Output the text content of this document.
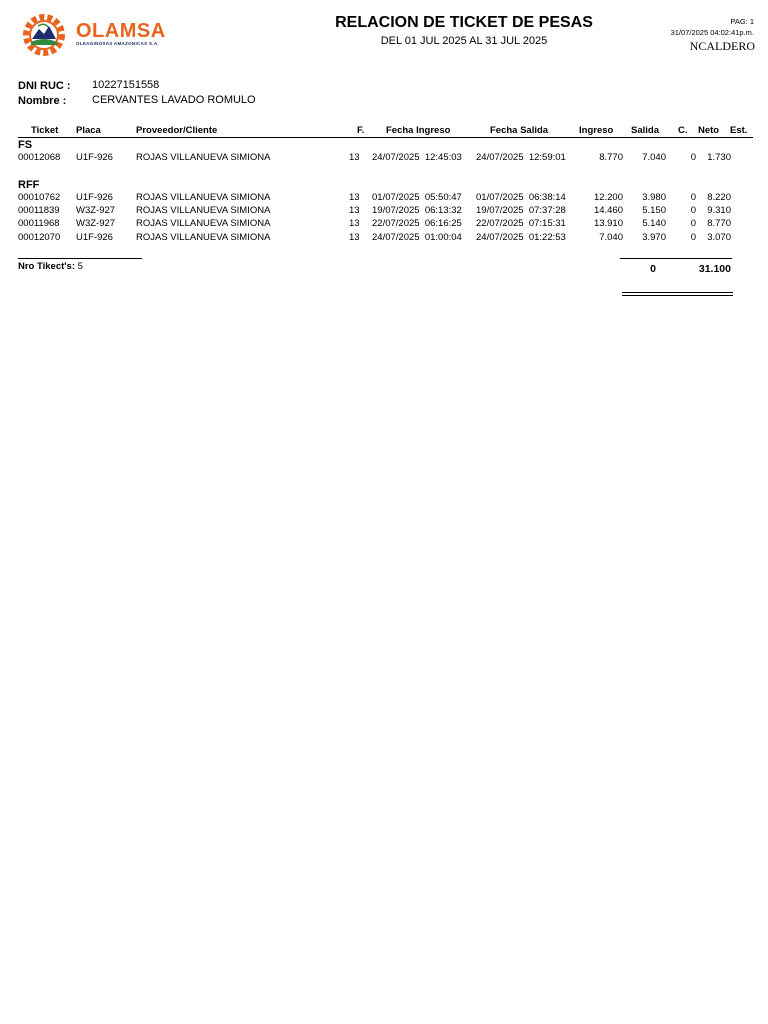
OLAMSA
OLEAGINOSAS AMAZONICAS S.A.
RELACION DE TICKET DE PESAS
DEL 01 JUL 2025 AL 31 JUL 2025
PAG: 1
31/07/2025 04:02:41p.m.
NCALDERO
DNI RUC : 10227151558
Nombre : CERVANTES LAVADO ROMULO
Ticket Placa	Proveedor/Cliente	F. Fecha Ingreso	Fecha Salida	Ingreso Salida C. Neto Est.
FS
00012068 U1F-926 ROJAS VILLANUEVA SIMIONA	13 24/07/2025  12:45:03 24/07/2025  12:59:01	8.770 7.040	0 1.730
RFF
00010762 U1F-926 ROJAS VILLANUEVA SIMIONA	13 01/07/2025  05:50:47 01/07/2025  06:38:14	12.200 3.980	0 8.220
00011839 W3Z-927 ROJAS VILLANUEVA SIMIONA	13 19/07/2025  06:13:32 19/07/2025  07:37:28	14.460 5.150	0 9.310
00011968 W3Z-927 ROJAS VILLANUEVA SIMIONA	13 22/07/2025  06:16:25 22/07/2025  07:15:31	13.910 5.140	0 8.770
00012070 U1F-926 ROJAS VILLANUEVA SIMIONA	13 24/07/2025  01:00:04 24/07/2025  01:22:53	7.040 3.970	0 3.070
Nro Tikect's: 5	0	31.100
